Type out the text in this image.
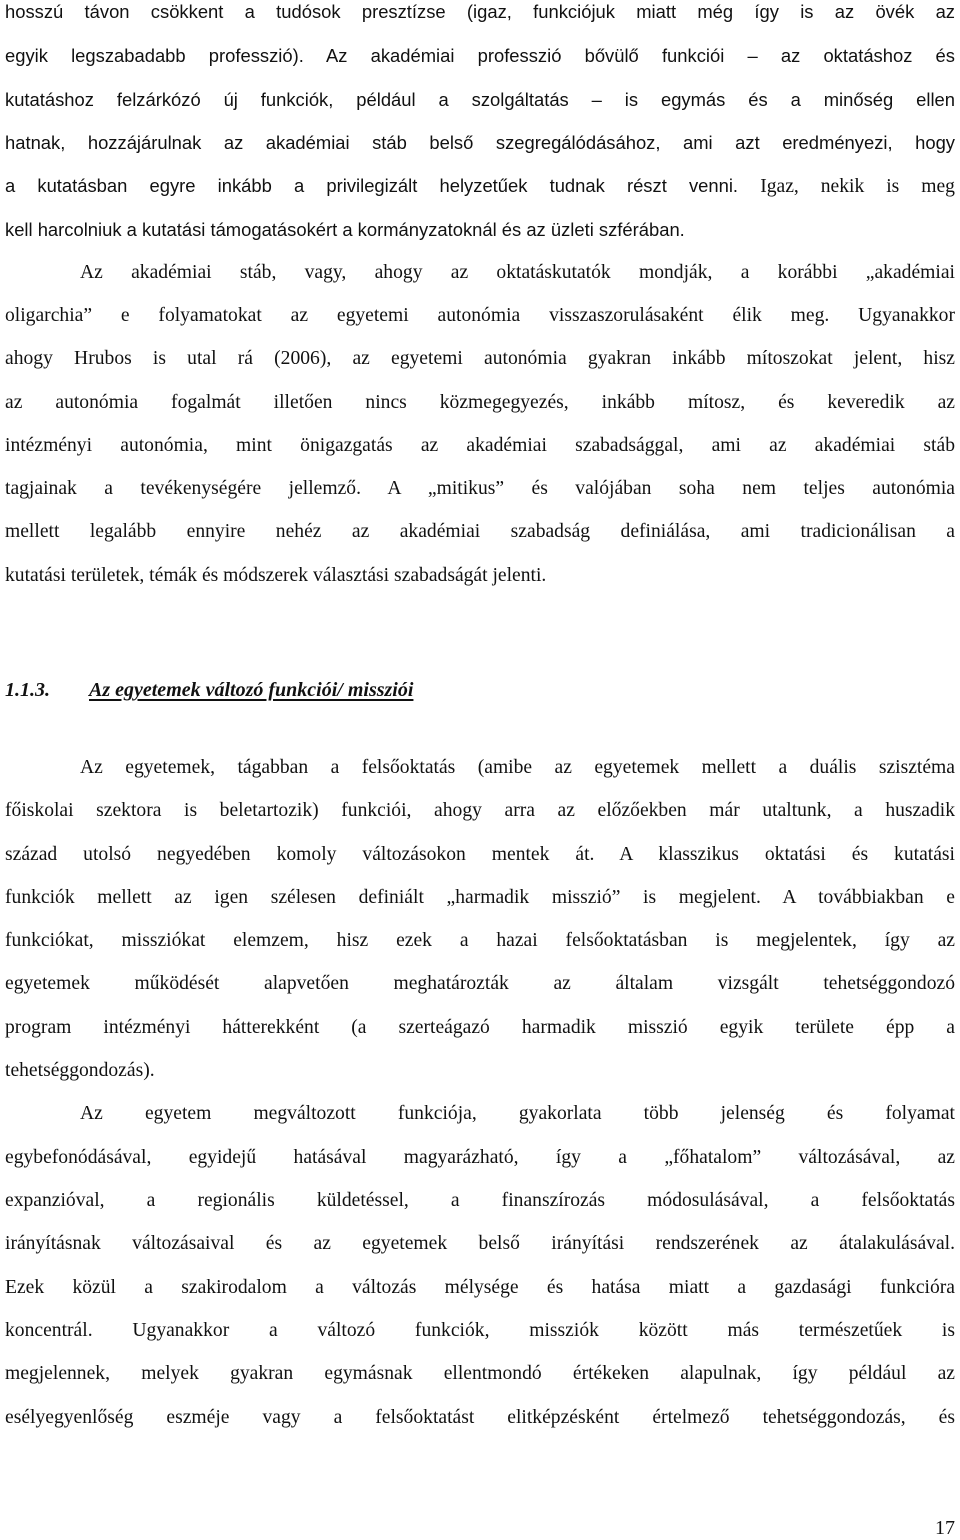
hosszú távon csökkent a tudósok presztízse (igaz, funkciójuk miatt még így is az övék az
egyik legszabadabb professzió). Az akadémiai professzió bővülő funkciói – az oktatáshoz és
kutatáshoz felzárkózó új funkciók, például a szolgáltatás – is egymás és a minőség ellen
hatnak, hozzájárulnak az akadémiai stáb belső szegregálódásához, ami azt eredményezi, hogy
a kutatásban egyre inkább a privilegizált helyzetűek tudnak részt venni. Igaz, nekik is meg
kell harcolniuk a kutatási támogatásokért a kormányzatoknál és az üzleti szférában.
Az akadémiai stáb, vagy, ahogy az oktatáskutatók mondják, a korábbi „akadémiai
oligarchia” e folyamatokat az egyetemi autonómia visszaszorulásaként élik meg. Ugyanakkor
ahogy Hrubos is utal rá (2006), az egyetemi autonómia gyakran inkább mítoszokat jelent, hisz
az autonómia fogalmát illetően nincs közmegegyezés, inkább mítosz, és keveredik az
intézményi autonómia, mint önigazgatás az akadémiai szabadsággal, ami az akadémiai stáb
tagjainak a tevékenységére jellemző. A „mitikus” és valójában soha nem teljes autonómia
mellett legalább ennyire nehéz az akadémiai szabadság definiálása, ami tradicionálisan a
kutatási területek, témák és módszerek választási szabadságát jelenti.
1.1.3. Az egyetemek változó funkciói/ missziói
Az egyetemek, tágabban a felsőoktatás (amibe az egyetemek mellett a duális szisztéma
főiskolai szektora is beletartozik) funkciói, ahogy arra az előzőekben már utaltunk, a huszadik
század utolsó negyedében komoly változásokon mentek át. A klasszikus oktatási és kutatási
funkciók mellett az igen szélesen definiált „harmadik misszió” is megjelent. A továbbiakban e
funkciókat, missziókat elemzem, hisz ezek a hazai felsőoktatásban is megjelentek, így az
egyetemek működését alapvetően meghatározták az általam vizsgált tehetséggondozó
program intézményi hátterekként (a szerteágazó harmadik misszió egyik területe épp a
tehetséggondozás).
Az egyetem megváltozott funkciója, gyakorlata több jelenség és folyamat
egybefonódásával, egyidejű hatásával magyarázható, így a „főhatalom” változásával, az
expanzióval, a regionális küldetéssel, a finanszírozás módosulásával, a felsőoktatás
irányításnak változásaival és az egyetemek belső irányítási rendszerének az átalakulásával.
Ezek közül a szakirodalom a változás mélysége és hatása miatt a gazdasági funkcióra
koncentrál. Ugyanakkor a változó funkciók, missziók között más természetűek is
megjelennek, melyek gyakran egymásnak ellentmondó értékeken alapulnak, így például az
esélyegyenlőség eszméje vagy a felsőoktatást elitképzésként értelmező tehetséggondozás, és
17
